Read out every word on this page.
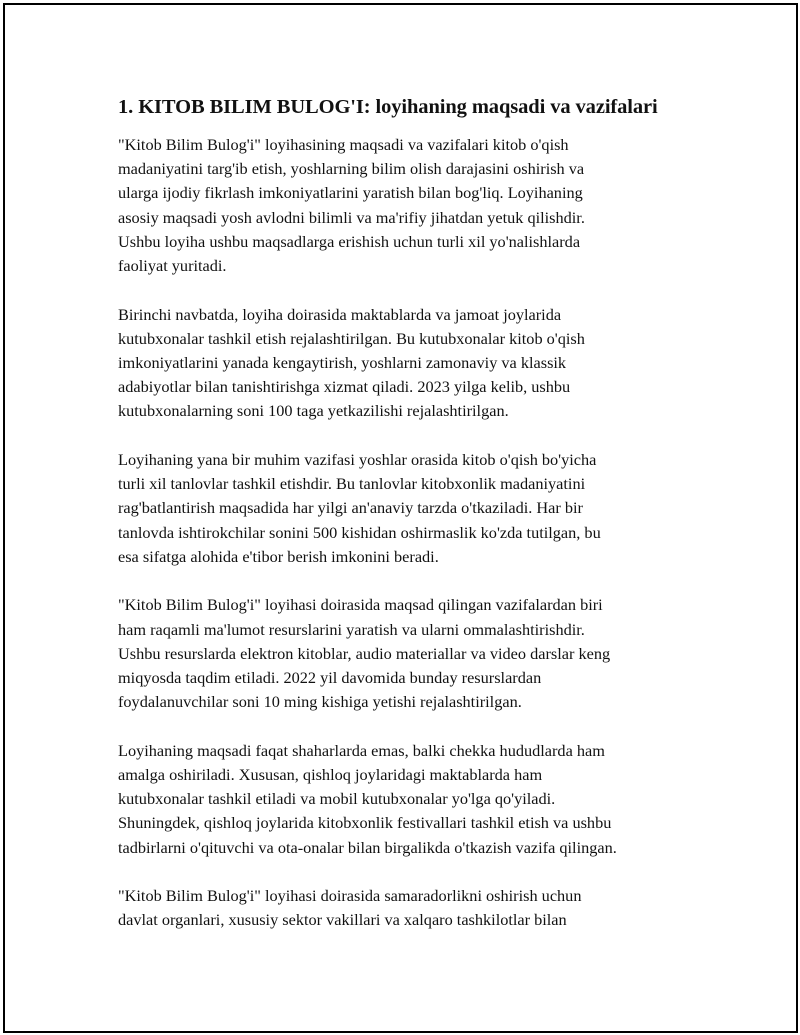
1. KITOB BILIM BULOG'I: loyihaning maqsadi va vazifalari

"Kitob Bilim Bulog'i" loyihasining maqsadi va vazifalari kitob o'qish
madaniyatini targ'ib etish, yoshlarning bilim olish darajasini oshirish va
ularga ijodiy fikrlash imkoniyatlarini yaratish bilan bog'liq. Loyihaning
asosiy maqsadi yosh avlodni bilimli va ma'rifiy jihatdan yetuk qilishdir.
Ushbu loyiha ushbu maqsadlarga erishish uchun turli xil yo'nalishlarda
faoliyat yuritadi.

Birinchi navbatda, loyiha doirasida maktablarda va jamoat joylarida
kutubxonalar tashkil etish rejalashtirilgan. Bu kutubxonalar kitob o'qish
imkoniyatlarini yanada kengaytirish, yoshlarni zamonaviy va klassik
adabiyotlar bilan tanishtirishga xizmat qiladi. 2023 yilga kelib, ushbu
kutubxonalarning soni 100 taga yetkazilishi rejalashtirilgan.

Loyihaning yana bir muhim vazifasi yoshlar orasida kitob o'qish bo'yicha
turli xil tanlovlar tashkil etishdir. Bu tanlovlar kitobxonlik madaniyatini
rag'batlantirish maqsadida har yilgi an'anaviy tarzda o'tkaziladi. Har bir
tanlovda ishtirokchilar sonini 500 kishidan oshirmaslik ko'zda tutilgan, bu
esa sifatga alohida e'tibor berish imkonini beradi.

"Kitob Bilim Bulog'i" loyihasi doirasida maqsad qilingan vazifalardan biri
ham raqamli ma'lumot resurslarini yaratish va ularni ommalashtirishdir.
Ushbu resurslarda elektron kitoblar, audio materiallar va video darslar keng
miqyosda taqdim etiladi. 2022 yil davomida bunday resurslardan
foydalanuvchilar soni 10 ming kishiga yetishi rejalashtirilgan.

Loyihaning maqsadi faqat shaharlarda emas, balki chekka hududlarda ham
amalga oshiriladi. Xususan, qishloq joylaridagi maktablarda ham
kutubxonalar tashkil etiladi va mobil kutubxonalar yo'lga qo'yiladi.
Shuningdek, qishloq joylarida kitobxonlik festivallari tashkil etish va ushbu
tadbirlarni o'qituvchi va ota-onalar bilan birgalikda o'tkazish vazifa qilingan.

"Kitob Bilim Bulog'i" loyihasi doirasida samaradorlikni oshirish uchun
davlat organlari, xususiy sektor vakillari va xalqaro tashkilotlar bilan
